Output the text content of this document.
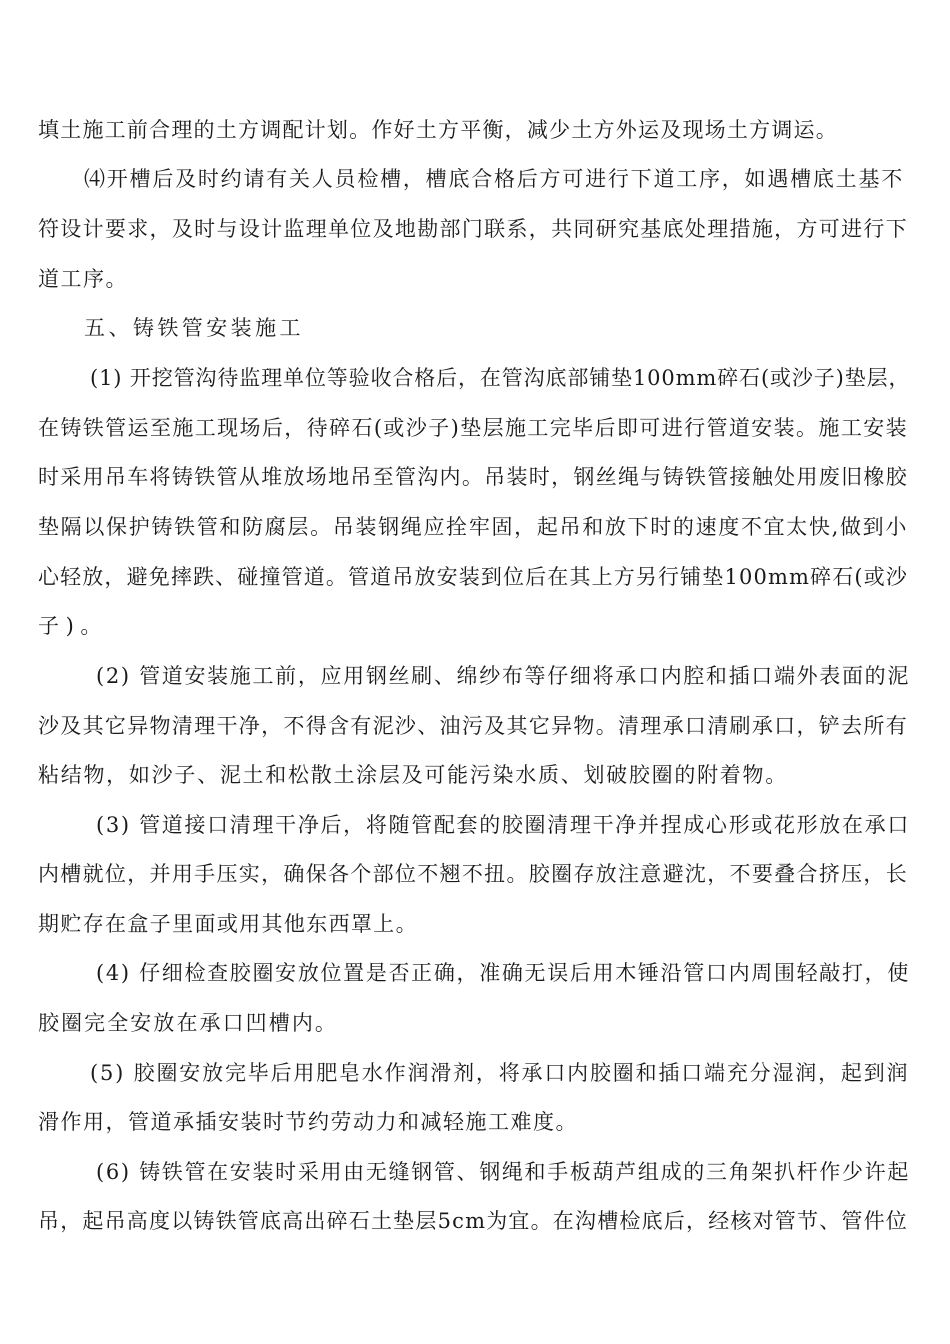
填土施工前合理的土方调配计划。作好土方平衡，减少土方外运及现场土方调运。
⑷开槽后及时约请有关人员检槽，槽底合格后方可进行下道工序，如遇槽底土基不
符设计要求，及时与设计监理单位及地勘部门联系，共同研究基底处理措施，方可进行下
道工序。
五、铸铁管安装施工
(1) 开挖管沟待监理单位等验收合格后，在管沟底部铺垫100mm碎石(或沙子)垫层，
在铸铁管运至施工现场后，待碎石(或沙子)垫层施工完毕后即可进行管道安装。施工安装
时采用吊车将铸铁管从堆放场地吊至管沟内。吊装时，钢丝绳与铸铁管接触处用废旧橡胶
垫隔以保护铸铁管和防腐层。吊装钢绳应拴牢固，起吊和放下时的速度不宜太快,做到小
心轻放，避免摔跌、碰撞管道。管道吊放安装到位后在其上方另行铺垫100mm碎石(或沙
子)。
(2) 管道安装施工前，应用钢丝刷、绵纱布等仔细将承口内腔和插口端外表面的泥
沙及其它异物清理干净，不得含有泥沙、油污及其它异物。清理承口清刷承口，铲去所有
粘结物，如沙子、泥土和松散土涂层及可能污染水质、划破胶圈的附着物。
(3) 管道接口清理干净后，将随管配套的胶圈清理干净并捏成心形或花形放在承口
内槽就位，并用手压实，确保各个部位不翘不扭。胶圈存放注意避沈，不要叠合挤压，长
期贮存在盒子里面或用其他东西罩上。
(4) 仔细检查胶圈安放位置是否正确，准确无误后用木锤沿管口内周围轻敲打，使
胶圈完全安放在承口凹槽内。
(5) 胶圈安放完毕后用肥皂水作润滑剂，将承口内胶圈和插口端充分湿润，起到润
滑作用，管道承插安装时节约劳动力和减轻施工难度。
(6) 铸铁管在安装时采用由无缝钢管、钢绳和手板葫芦组成的三角架扒杆作少许起
吊，起吊高度以铸铁管底高出碎石土垫层5cm为宜。在沟槽检底后，经核对管节、管件位
